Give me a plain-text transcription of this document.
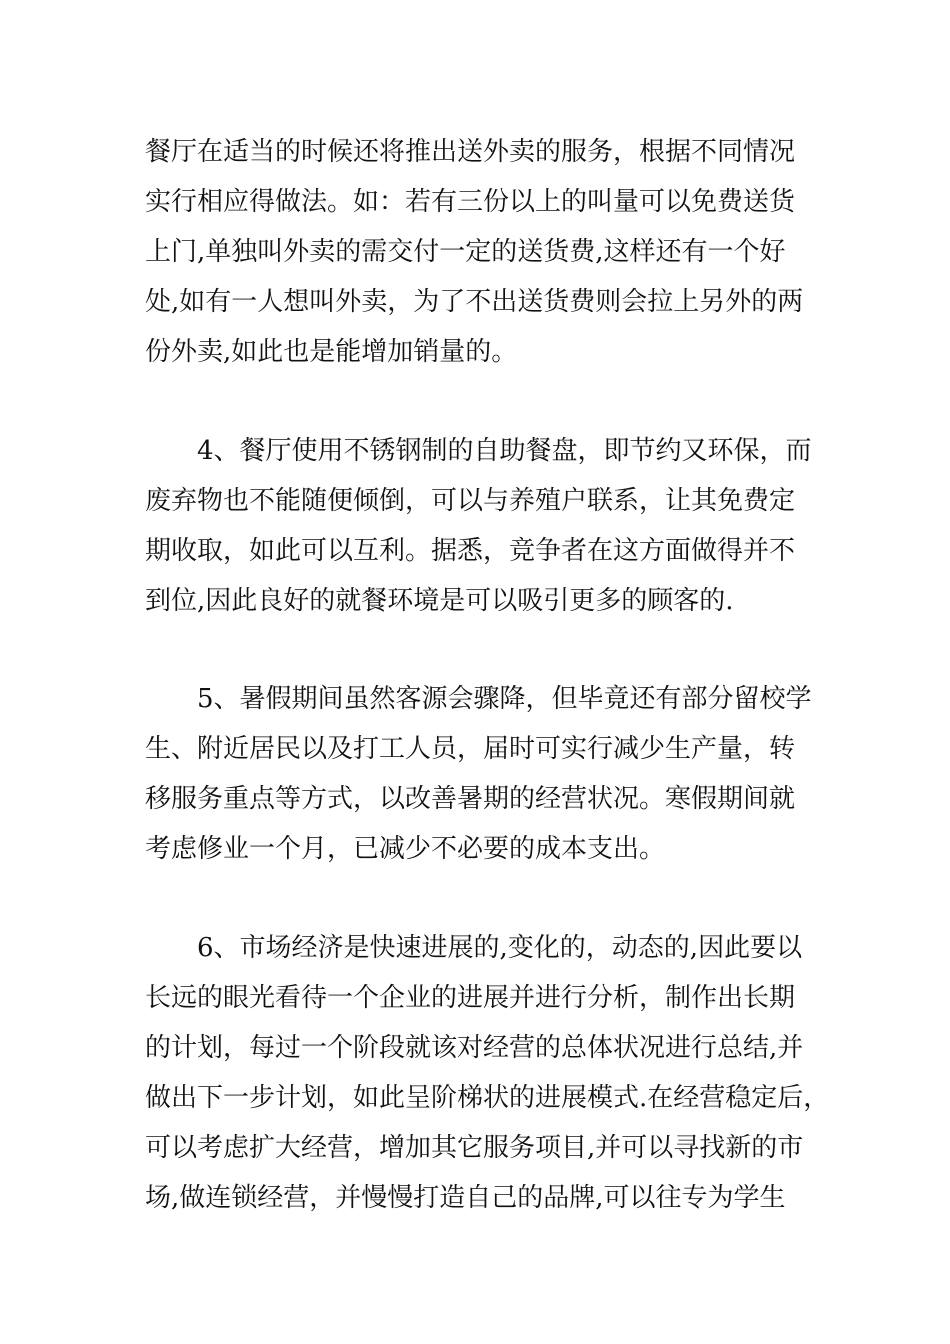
餐厅在适当的时候还将推出送外卖的服务，根据不同情况
实行相应得做法。如：若有三份以上的叫量可以免费送货
上门,单独叫外卖的需交付一定的送货费,这样还有一个好
处,如有一人想叫外卖，为了不出送货费则会拉上另外的两
份外卖,如此也是能增加销量的。
4、餐厅使用不锈钢制的自助餐盘，即节约又环保，而
废弃物也不能随便倾倒，可以与养殖户联系，让其免费定
期收取，如此可以互利。据悉，竞争者在这方面做得并不
到位,因此良好的就餐环境是可以吸引更多的顾客的.
5、暑假期间虽然客源会骤降，但毕竟还有部分留校学
生、附近居民以及打工人员，届时可实行减少生产量，转
移服务重点等方式，以改善暑期的经营状况。寒假期间就
考虑修业一个月，已减少不必要的成本支出。
6、市场经济是快速进展的,变化的，动态的,因此要以
长远的眼光看待一个企业的进展并进行分析，制作出长期
的计划，每过一个阶段就该对经营的总体状况进行总结,并
做出下一步计划，如此呈阶梯状的进展模式.在经营稳定后，
可以考虑扩大经营，增加其它服务项目,并可以寻找新的市
场,做连锁经营，并慢慢打造自己的品牌,可以往专为学生
